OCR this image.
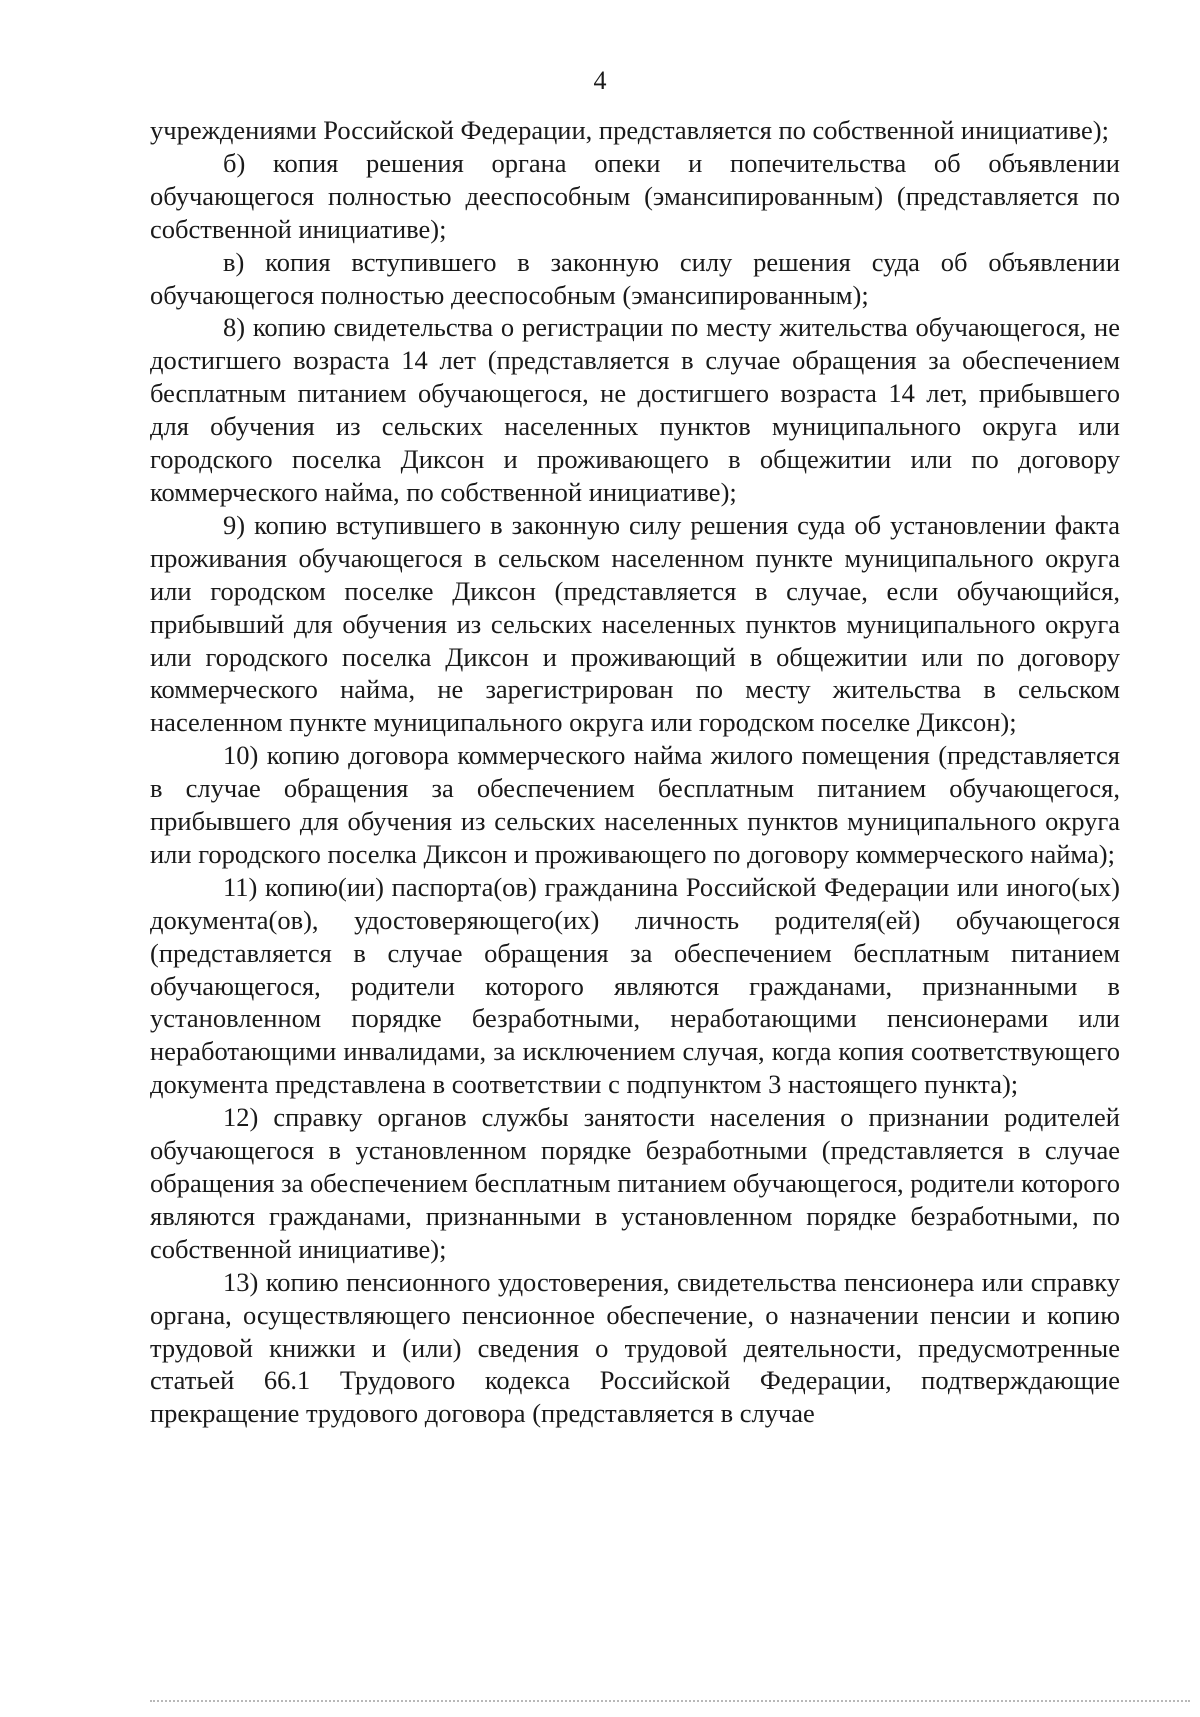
4

учреждениями Российской Федерации, представляется по собственной инициативе);

б) копия решения органа опеки и попечительства об объявлении обучающегося полностью дееспособным (эмансипированным) (представляется по собственной инициативе);

в) копия вступившего в законную силу решения суда об объявлении обучающегося полностью дееспособным (эмансипированным);

8) копию свидетельства о регистрации по месту жительства обучающегося, не достигшего возраста 14 лет (представляется в случае обращения за обеспечением бесплатным питанием обучающегося, не достигшего возраста 14 лет, прибывшего для обучения из сельских населенных пунктов муниципального округа или городского поселка Диксон и проживающего в общежитии или по договору коммерческого найма, по собственной инициативе);

9) копию вступившего в законную силу решения суда об установлении факта проживания обучающегося в сельском населенном пункте муниципального округа или городском поселке Диксон (представляется в случае, если обучающийся, прибывший для обучения из сельских населенных пунктов муниципального округа или городского поселка Диксон и проживающий в общежитии или по договору коммерческого найма, не зарегистрирован по месту жительства в сельском населенном пункте муниципального округа или городском поселке Диксон);

10) копию договора коммерческого найма жилого помещения (представляется в случае обращения за обеспечением бесплатным питанием обучающегося, прибывшего для обучения из сельских населенных пунктов муниципального округа или городского поселка Диксон и проживающего по договору коммерческого найма);

11) копию(ии) паспорта(ов) гражданина Российской Федерации или иного(ых) документа(ов), удостоверяющего(их) личность родителя(ей) обучающегося (представляется в случае обращения за обеспечением бесплатным питанием обучающегося, родители которого являются гражданами, признанными в установленном порядке безработными, неработающими пенсионерами или неработающими инвалидами, за исключением случая, когда копия соответствующего документа представлена в соответствии с подпунктом 3 настоящего пункта);

12) справку органов службы занятости населения о признании родителей обучающегося в установленном порядке безработными (представляется в случае обращения за обеспечением бесплатным питанием обучающегося, родители которого являются гражданами, признанными в установленном порядке безработными, по собственной инициативе);

13) копию пенсионного удостоверения, свидетельства пенсионера или справку органа, осуществляющего пенсионное обеспечение, о назначении пенсии и копию трудовой книжки и (или) сведения о трудовой деятельности, предусмотренные статьей 66.1 Трудового кодекса Российской Федерации, подтверждающие прекращение трудового договора (представляется в случае
